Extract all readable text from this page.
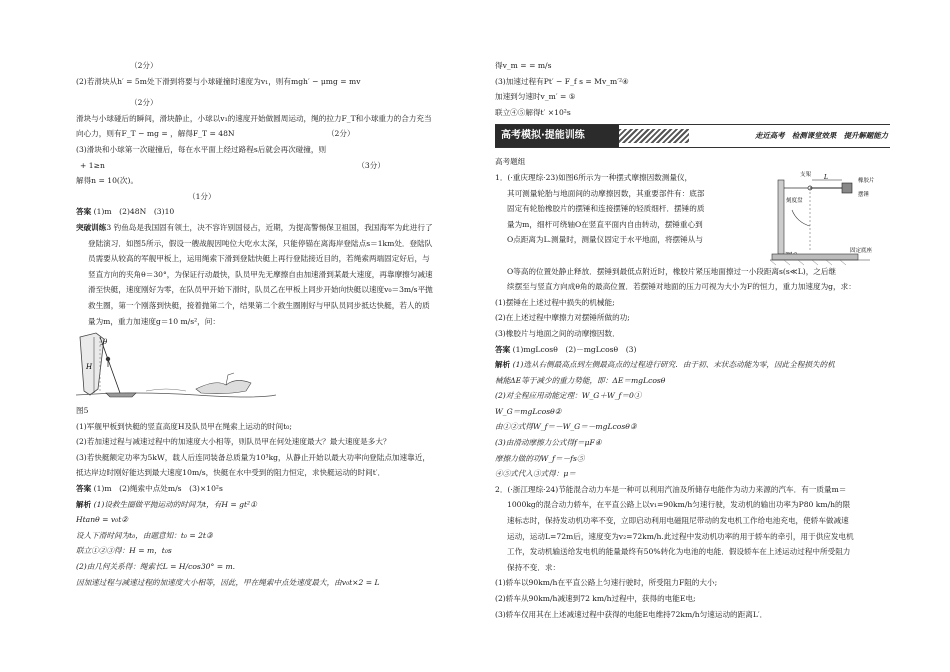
（2分）
(2)若滑块从h′ = 5m处下滑到将要与小球碰撞时速度为v₁，则有mgh′ − μmg = mv
（2分）
滑块与小球碰后的瞬间，滑块静止，小球以v₁的速度开始做圆周运动，绳的拉力F_T和小球重力的合力充当
向心力，则有F_T − mg = ，解得F_T = 48N	（2分）
(3)滑块和小球第一次碰撞后，每在水平面上经过路程s后就会再次碰撞，则
+ 1≥n	（3分）
解得n = 10(次)。
（1分）
答案 (1)m　(2)48N　(3)10
突破训练3 钓鱼岛是我国固有领土，决不容许别国侵占，近期，为提高警惕保卫祖国，我国海军为此进行了
登陆演习．如图5所示，假设一艘战舰因吨位大吃水太深，只能停锚在离海岸登陆点s＝1km处．登陆队
员需要从较高的军舰甲板上，运用绳索下滑到登陆快艇上再行登陆接近目的，若绳索两端固定好后，与
竖直方向的夹角θ＝30°，为保证行动最快，队员甲先无摩擦自由加速滑到某最大速度，再靠摩擦匀减速
滑至快艇，速度刚好为零，在队员甲开始下滑时，队员乙在甲板上同步开始向快艇以速度v₀＝3m/s平抛
救生圈，第一个刚落到快艇，接着抛第二个，结果第二个救生圈刚好与甲队员同步抵达快艇，若人的质
量为m，重力加速度g＝10 m/s²，问：
θ
H
图5
(1)军舰甲板到快艇的竖直高度H及队员甲在绳索上运动的时间t₀;
(2)若加速过程与减速过程中的加速度大小相等，则队员甲在何处速度最大？最大速度是多大？
(3)若快艇额定功率为5kW，载人后连同装备总质量为10³kg，从静止开始以最大功率向登陆点加速靠近，
抵达岸边时刚好能达到最大速度10m/s，快艇在水中受到的阻力恒定，求快艇运动的时间t′．
答案 (1)m　(2)绳索中点处m/s　(3)×10²s
解析 (1)设救生圈做平抛运动的时间为t，有H = gt²①
Htanθ = v₀t②
设人下滑时间为t₀，由题意知：t₀ = 2t③
联立①②③得：H = m，t₀s
(2)由几何关系得：绳索长L = H/cos30° = m.
因加速过程与减速过程的加速度大小相等，因此，甲在绳索中点处速度最大，由v₀t×2 = L
得v_m = = m/s
(3)加速过程有Pt′ − F_f s = Mv_m′²④
加速到匀速时v_m′ = ⑤
联立④⑤解得t′ ×10²s
高考模拟·提能训练	走近高考　检测课堂效果　提升解题能力
高考题组
1．(·重庆理综·23)如图6所示为一种摆式摩擦因数测量仪，
其可测量轮胎与地面间的动摩擦因数，其重要部件有：底部
固定有轮胎橡胶片的摆锤和连接摆锤的轻质细杆．摆锤的质
量为m，细杆可绕轴O在竖直平面内自由转动，摆锤重心到
O点距离为L.测量时，测量仪固定于水平地面，将摆锤从与
L
支架
刻度盘
橡胶片
摆锤
固定底座
O等高的位置处静止释放．摆锤到最低点附近时，橡胶片紧压地面擦过一小段距离s(s≪L)，之后继
续摆至与竖直方向成θ角的最高位置．若摆锤对地面的压力可视为大小为F的恒力，重力加速度为g，求：
(1)摆锤在上述过程中损失的机械能;
(2)在上述过程中摩擦力对摆锤所做的功;
(3)橡胶片与地面之间的动摩擦因数．
答案 (1)mgLcosθ　(2)－mgLcosθ　(3)
解析 (1)选从右侧最高点到左侧最高点的过程进行研究．由于初、末状态动能为零，因此全程损失的机
械能ΔE等于减少的重力势能，即：ΔE＝mgLcosθ
(2)对全程应用动能定理：W_G＋W_f＝0①
W_G＝mgLcosθ②
由①②式得W_f＝－W_G＝－mgLcosθ③
(3)由滑动摩擦力公式得f＝μF④
摩擦力做的功W_f＝－fs⑤
④⑤式代入③式得：μ＝
2．(·浙江理综·24)节能混合动力车是一种可以利用汽油及所储存电能作为动力来源的汽车．有一质量m＝
1000kg的混合动力轿车，在平直公路上以v₁=90km/h匀速行驶，发动机的输出功率为P80 km/h的限
速标志时，保持发动机功率不变，立即启动利用电磁阻尼带动的发电机工作给电池充电，使轿车做减速
运动，运动L=72m后，速度变为v₂=72km/h.此过程中发动机功率的用于轿车的牵引，用于供应发电机
工作，发动机输送给发电机的能量最终有50%转化为电池的电能．假设轿车在上述运动过程中所受阻力
保持不变．求：
(1)轿车以90km/h在平直公路上匀速行驶时，所受阻力F阻的大小;
(2)轿车从90km/h减速到72 km/h过程中，获得的电能E电;
(3)轿车仅用其在上述减速过程中获得的电能E电维持72km/h匀速运动的距离L′．
